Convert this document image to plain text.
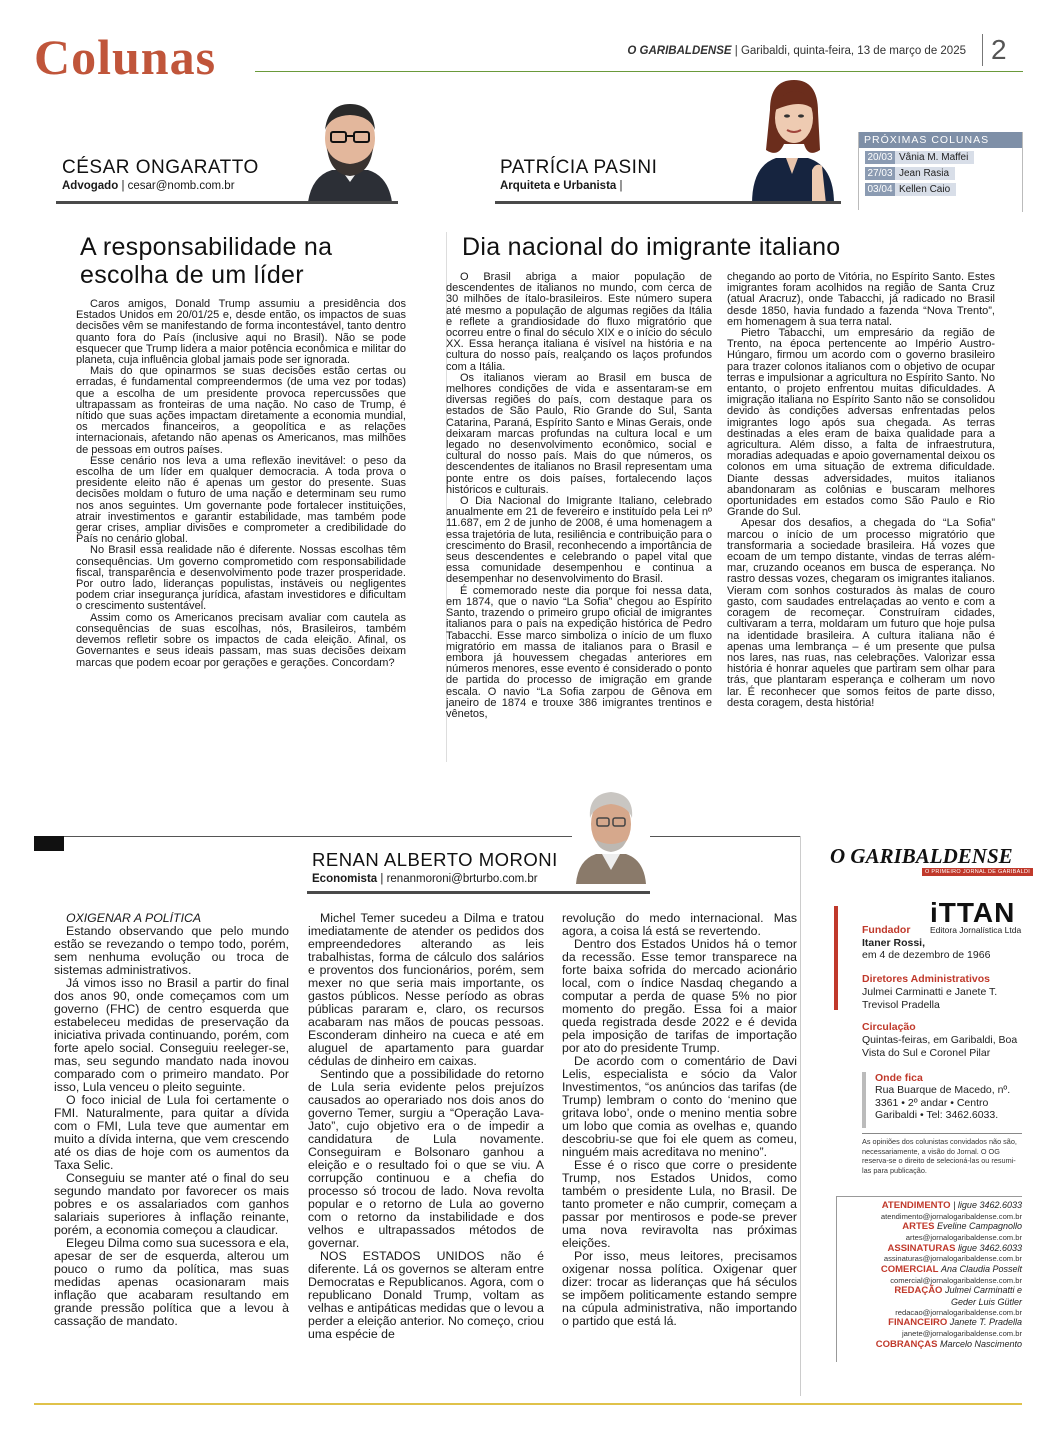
Colunas	O GARIBALDENSE | Garibaldi, quinta-feira, 13 de março de 2025 2
CÉSAR ONGARATTO
Advogado | cesar@nomb.com.br
PATRÍCIA PASINI
Arquiteta e Urbanista |
PRÓXIMAS COLUNAS
20/03 Vânia M. Maffei
27/03 Jean Rasia
03/04 Kellen Caio
A responsabilidade na escolha de um líder

Caros amigos, Donald Trump assumiu a presidência dos Estados Unidos em 20/01/25 e, desde então, os impactos de suas decisões vêm se manifestando de forma incontestável, tanto dentro quanto fora do País (inclusive aqui no Brasil). Não se pode esquecer que Trump lidera a maior potência econômica e militar do planeta, cuja influência global jamais pode ser ignorada.

Mais do que opinarmos se suas decisões estão certas ou erradas, é fundamental compreendermos (de uma vez por todas) que a escolha de um presidente provoca repercussões que ultrapassam as fronteiras de uma nação. No caso de Trump, é nítido que suas ações impactam diretamente a economia mundial, os mercados financeiros, a geopolítica e as relações internacionais, afetando não apenas os Americanos, mas milhões de pessoas em outros países.

Esse cenário nos leva a uma reflexão inevitável: o peso da escolha de um líder em qualquer democracia. A toda prova o presidente eleito não é apenas um gestor do presente. Suas decisões moldam o futuro de uma nação e determinam seu rumo nos anos seguintes. Um governante pode fortalecer instituições, atrair investimentos e garantir estabilidade, mas também pode gerar crises, ampliar divisões e comprometer a credibilidade do País no cenário global.

No Brasil essa realidade não é diferente. Nossas escolhas têm consequências. Um governo comprometido com responsabilidade fiscal, transparência e desenvolvimento pode trazer prosperidade. Por outro lado, lideranças populistas, instáveis ou negligentes podem criar insegurança jurídica, afastam investidores e dificultam o crescimento sustentável.

Assim como os Americanos precisam avaliar com cautela as consequências de suas escolhas, nós, Brasileiros, também devemos refletir sobre os impactos de cada eleição. Afinal, os Governantes e seus ideais passam, mas suas decisões deixam marcas que podem ecoar por gerações e gerações. Concordam?

Dia nacional do imigrante italiano

O Brasil abriga a maior população de descendentes de italianos no mundo, com cerca de 30 milhões de ítalo-brasileiros. Este número supera até mesmo a população de algumas regiões da Itália e reflete a grandiosidade do fluxo migratório que ocorreu entre o final do século XIX e o início do século XX. Essa herança italiana é visível na história e na cultura do nosso país, realçando os laços profundos com a Itália.

Os italianos vieram ao Brasil em busca de melhores condições de vida e assentaram-se em diversas regiões do país, com destaque para os estados de São Paulo, Rio Grande do Sul, Santa Catarina, Paraná, Espírito Santo e Minas Gerais, onde deixaram marcas profundas na cultura local e um legado no desenvolvimento econômico, social e cultural do nosso país. Mais do que números, os descendentes de italianos no Brasil representam uma ponte entre os dois países, fortalecendo laços históricos e culturais.

O Dia Nacional do Imigrante Italiano, celebrado anualmente em 21 de fevereiro e instituído pela Lei nº 11.687, em 2 de junho de 2008, é uma homenagem a essa trajetória de luta, resiliência e contribuição para o crescimento do Brasil, reconhecendo a importância de seus descendentes e celebrando o papel vital que essa comunidade desempenhou e continua a desempenhar no desenvolvimento do Brasil.

É comemorado neste dia porque foi nessa data, em 1874, que o navio “La Sofia” chegou ao Espírito Santo, trazendo o primeiro grupo oficial de imigrantes italianos para o país na expedição histórica de Pedro Tabacchi. Esse marco simboliza o início de um fluxo migratório em massa de italianos para o Brasil e embora já houvessem chegadas anteriores em números menores, esse evento é considerado o ponto de partida do processo de imigração em grande escala. O navio “La Sofia zarpou de Gênova em janeiro de 1874 e trouxe 386 imigrantes trentinos e vênetos,

chegando ao porto de Vitória, no Espírito Santo. Estes imigrantes foram acolhidos na região de Santa Cruz (atual Aracruz), onde Tabacchi, já radicado no Brasil desde 1850, havia fundado a fazenda “Nova Trento”, em homenagem à sua terra natal.

Pietro Tabacchi, um empresário da região de Trento, na época pertencente ao Império Austro-Húngaro, firmou um acordo com o governo brasileiro para trazer colonos italianos com o objetivo de ocupar terras e impulsionar a agricultura no Espírito Santo. No entanto, o projeto enfrentou muitas dificuldades. A imigração italiana no Espírito Santo não se consolidou devido às condições adversas enfrentadas pelos imigrantes logo após sua chegada. As terras destinadas a eles eram de baixa qualidade para a agricultura. Além disso, a falta de infraestrutura, moradias adequadas e apoio governamental deixou os colonos em uma situação de extrema dificuldade. Diante dessas adversidades, muitos italianos abandonaram as colônias e buscaram melhores oportunidades em estados como São Paulo e Rio Grande do Sul.

Apesar dos desafios, a chegada do “La Sofia” marcou o início de um processo migratório que transformaria a sociedade brasileira. Há vozes que ecoam de um tempo distante, vindas de terras além-mar, cruzando oceanos em busca de esperança. No rastro dessas vozes, chegaram os imigrantes italianos. Vieram com sonhos costurados às malas de couro gasto, com saudades entrelaçadas ao vento e com a coragem de recomeçar. Construíram cidades, cultivaram a terra, moldaram um futuro que hoje pulsa na identidade brasileira. A cultura italiana não é apenas uma lembrança – é um presente que pulsa nos lares, nas ruas, nas celebrações. Valorizar essa história é honrar aqueles que partiram sem olhar para trás, que plantaram esperança e colheram um novo lar. É reconhecer que somos feitos de parte disso, desta coragem, desta história!

RENAN ALBERTO MORONI
Economista | renanmoroni@brturbo.com.br

OXIGENAR A POLÍTICA

Estando observando que pelo mundo estão se revezando o tempo todo, porém, sem nenhuma evolução ou troca de sistemas administrativos.

Já vimos isso no Brasil a partir do final dos anos 90, onde começamos com um governo (FHC) de centro esquerda que estabeleceu medidas de preservação da iniciativa privada continuando, porém, com forte apelo social. Conseguiu reeleger-se, mas, seu segundo mandato nada inovou comparado com o primeiro mandato. Por isso, Lula venceu o pleito seguinte.

O foco inicial de Lula foi certamente o FMI. Naturalmente, para quitar a dívida com o FMI, Lula teve que aumentar em muito a dívida interna, que vem crescendo até os dias de hoje com os aumentos da Taxa Selic.

Conseguiu se manter até o final do seu segundo mandato por favorecer os mais pobres e os assalariados com ganhos salariais superiores à inflação reinante, porém, a economia começou a claudicar.

Elegeu Dilma como sua sucessora e ela, apesar de ser de esquerda, alterou um pouco o rumo da política, mas suas medidas apenas ocasionaram mais inflação que acabaram resultando em grande pressão política que a levou à cassação de mandato.

Michel Temer sucedeu a Dilma e tratou imediatamente de atender os pedidos dos empreendedores alterando as leis trabalhistas, forma de cálculo dos salários e proventos dos funcionários, porém, sem mexer no que seria mais importante, os gastos públicos. Nesse período as obras públicas pararam e, claro, os recursos acabaram nas mãos de poucas pessoas. Esconderam dinheiro na cueca e até em aluguel de apartamento para guardar cédulas de dinheiro em caixas.

Sentindo que a possibilidade do retorno de Lula seria evidente pelos prejuízos causados ao operariado nos dois anos do governo Temer, surgiu a “Operação Lava-Jato”, cujo objetivo era o de impedir a candidatura de Lula novamente. Conseguiram e Bolsonaro ganhou a eleição e o resultado foi o que se viu. A corrupção continuou e a chefia do processo só trocou de lado. Nova revolta popular e o retorno de Lula ao governo com o retorno da instabilidade e dos velhos e ultrapassados métodos de governar.

NOS ESTADOS UNIDOS não é diferente. Lá os governos se alteram entre Democratas e Republicanos. Agora, com o republicano Donald Trump, voltam as velhas e antipáticas medidas que o levou a perder a eleição anterior. No começo, criou uma espécie de

revolução do medo internacional. Mas agora, a coisa lá está se revertendo.

Dentro dos Estados Unidos há o temor da recessão. Esse temor transparece na forte baixa sofrida do mercado acionário local, com o índice Nasdaq chegando a computar a perda de quase 5% no pior momento do pregão. Essa foi a maior queda registrada desde 2022 e é devida pela imposição de tarifas de importação por ato do presidente Trump.

De acordo com o comentário de Davi Lelis, especialista e sócio da Valor Investimentos, “os anúncios das tarifas (de Trump) lembram o conto do ‘menino que gritava lobo’, onde o menino mentia sobre um lobo que comia as ovelhas e, quando descobriu-se que foi ele quem as comeu, ninguém mais acreditava no menino”.

Esse é o risco que corre o presidente Trump, nos Estados Unidos, como também o presidente Lula, no Brasil. De tanto prometer e não cumprir, começam a passar por mentirosos e pode-se prever uma nova reviravolta nas próximas eleições.

Por isso, meus leitores, precisamos oxigenar nossa política. Oxigenar quer dizer: trocar as lideranças que há séculos se impõem politicamente estando sempre na cúpula administrativa, não importando o partido que está lá.

O GARIBALDENSE
O PRIMEIRO JORNAL DE GARIBALDI
iTTAN
Editora Jornalística Ltda
Fundador
Itaner Rossi,
em 4 de dezembro de 1966
Diretores Administrativos
Julmei Carminatti e Janete T. Trevisol Pradella
Circulação
Quintas-feiras, em Garibaldi, Boa Vista do Sul e Coronel Pilar
Onde fica
Rua Buarque de Macedo, nº. 3361 • 2º andar • Centro Garibaldi • Tel: 3462.6033.
As opiniões dos colunistas convidados não são, necessariamente, a visão do Jornal. O OG reserva-se o direito de selecioná-las ou resumi-las para publicação.
ATENDIMENTO | ligue 3462.6033
atendimento@jornalogaribaldense.com.br
ARTES Eveline Campagnollo
artes@jornalogaribaldense.com.br
ASSINATURAS ligue 3462.6033
assinaturas@jornalogaribaldense.com.br
COMERCIAL Ana Claudia Posselt
comercial@jornalogaribaldense.com.br
REDAÇÃO Julmei Carminatti e
Geder Luis Gütler
redacao@jornalogaribaldense.com.br
FINANCEIRO Janete T. Pradella
janete@jornalogaribaldense.com.br
COBRANÇAS Marcelo Nascimento
